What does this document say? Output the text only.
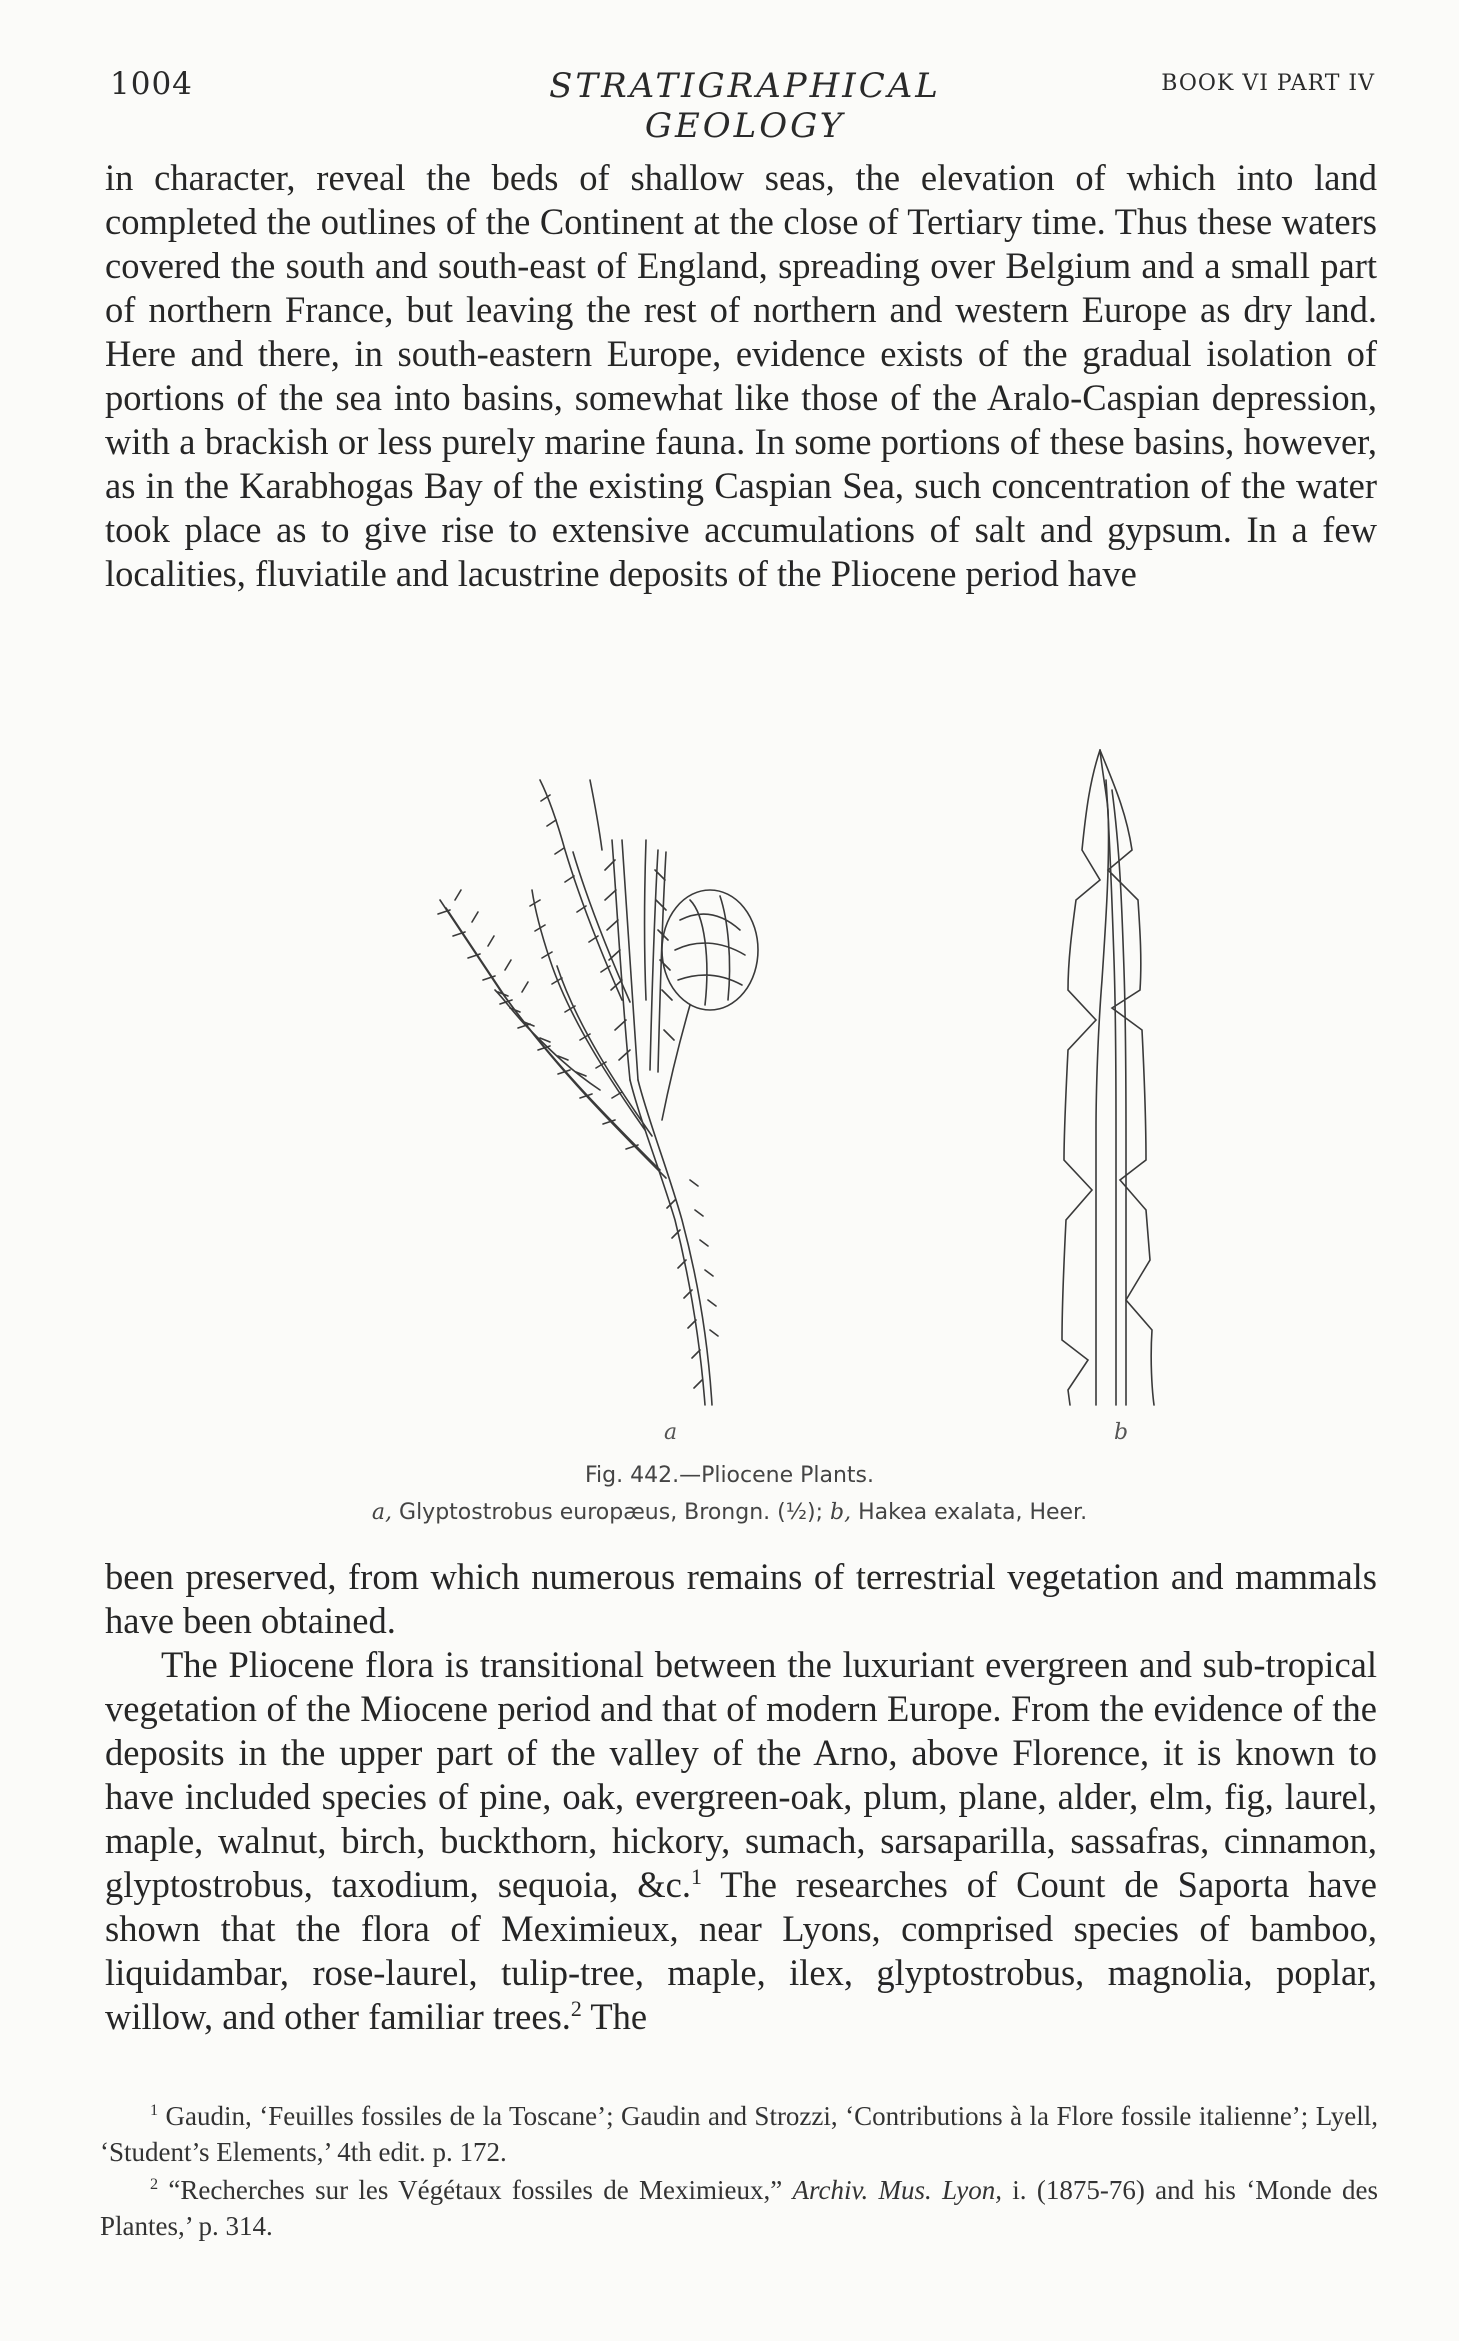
1004	STRATIGRAPHICAL GEOLOGY
BOOK VI PART IV

in character, reveal the beds of shallow seas, the elevation of which into land completed the outlines of the Continent at the close of Tertiary time. Thus these waters covered the south and south-east of England, spreading over Belgium and a small part of northern France, but leaving the rest of northern and western Europe as dry land. Here and there, in south-eastern Europe, evidence exists of the gradual isolation of portions of the sea into basins, somewhat like those of the Aralo-Caspian depression, with a brackish or less purely marine fauna. In some portions of these basins, however, as in the Karabhogas Bay of the existing Caspian Sea, such concentration of the water took place as to give rise to extensive accumulations of salt and gypsum. In a few localities, fluviatile and lacustrine deposits of the Pliocene period have

a	b
Fig. 442.—Pliocene Plants.
a, Glyptostrobus europæus, Brongn. (½); b, Hakea exalata, Heer.

been preserved, from which numerous remains of terrestrial vegetation and mammals have been obtained.

The Pliocene flora is transitional between the luxuriant evergreen and sub-tropical vegetation of the Miocene period and that of modern Europe. From the evidence of the deposits in the upper part of the valley of the Arno, above Florence, it is known to have included species of pine, oak, evergreen-oak, plum, plane, alder, elm, fig, laurel, maple, walnut, birch, buckthorn, hickory, sumach, sarsaparilla, sassafras, cinnamon, glyptostrobus, taxodium, sequoia, &c.$^1$ The researches of Count de Saporta have shown that the flora of Meximieux, near Lyons, comprised species of bamboo, liquidambar, rose-laurel, tulip-tree, maple, ilex, glyptostrobus, magnolia, poplar, willow, and other familiar trees.$^2$ The

$^1$ Gaudin, ‘Feuilles fossiles de la Toscane’; Gaudin and Strozzi, ‘Contributions à la Flore fossile italienne’; Lyell, ‘Student’s Elements,’ 4th edit. p. 172.

$^2$ “Recherches sur les Végétaux fossiles de Meximieux,” Archiv. Mus. Lyon, i. (1875-76) and his ‘Monde des Plantes,’ p. 314.
